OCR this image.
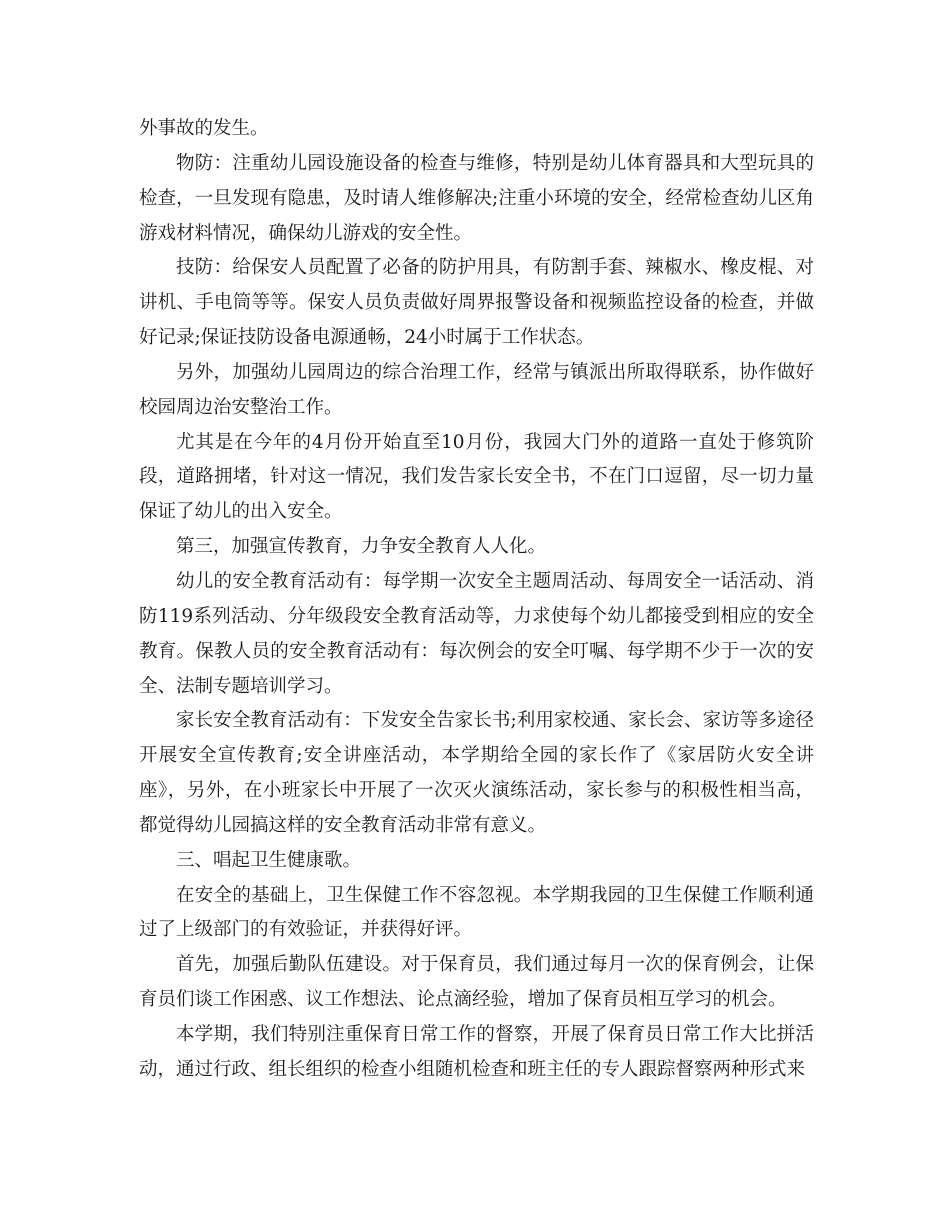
外事故的发生。

物防：注重幼儿园设施设备的检查与维修，特别是幼儿体育器具和大型玩具的检查，一旦发现有隐患，及时请人维修解决;注重小环境的安全，经常检查幼儿区角游戏材料情况，确保幼儿游戏的安全性。

技防：给保安人员配置了必备的防护用具，有防割手套、辣椒水、橡皮棍、对讲机、手电筒等等。保安人员负责做好周界报警设备和视频监控设备的检查，并做好记录;保证技防设备电源通畅，24小时属于工作状态。

另外，加强幼儿园周边的综合治理工作，经常与镇派出所取得联系，协作做好校园周边治安整治工作。

尤其是在今年的4月份开始直至10月份，我园大门外的道路一直处于修筑阶段，道路拥堵，针对这一情况，我们发告家长安全书，不在门口逗留，尽一切力量保证了幼儿的出入安全。

第三，加强宣传教育，力争安全教育人人化。

幼儿的安全教育活动有：每学期一次安全主题周活动、每周安全一话活动、消防119系列活动、分年级段安全教育活动等，力求使每个幼儿都接受到相应的安全教育。保教人员的安全教育活动有：每次例会的安全叮嘱、每学期不少于一次的安全、法制专题培训学习。

家长安全教育活动有：下发安全告家长书;利用家校通、家长会、家访等多途径开展安全宣传教育;安全讲座活动，本学期给全园的家长作了《家居防火安全讲座》，另外，在小班家长中开展了一次灭火演练活动，家长参与的积极性相当高，都觉得幼儿园搞这样的安全教育活动非常有意义。

三、唱起卫生健康歌。

在安全的基础上，卫生保健工作不容忽视。本学期我园的卫生保健工作顺利通过了上级部门的有效验证，并获得好评。

首先，加强后勤队伍建设。对于保育员，我们通过每月一次的保育例会，让保育员们谈工作困惑、议工作想法、论点滴经验，增加了保育员相互学习的机会。

本学期，我们特别注重保育日常工作的督察，开展了保育员日常工作大比拼活动，通过行政、组长组织的检查小组随机检查和班主任的专人跟踪督察两种形式来
